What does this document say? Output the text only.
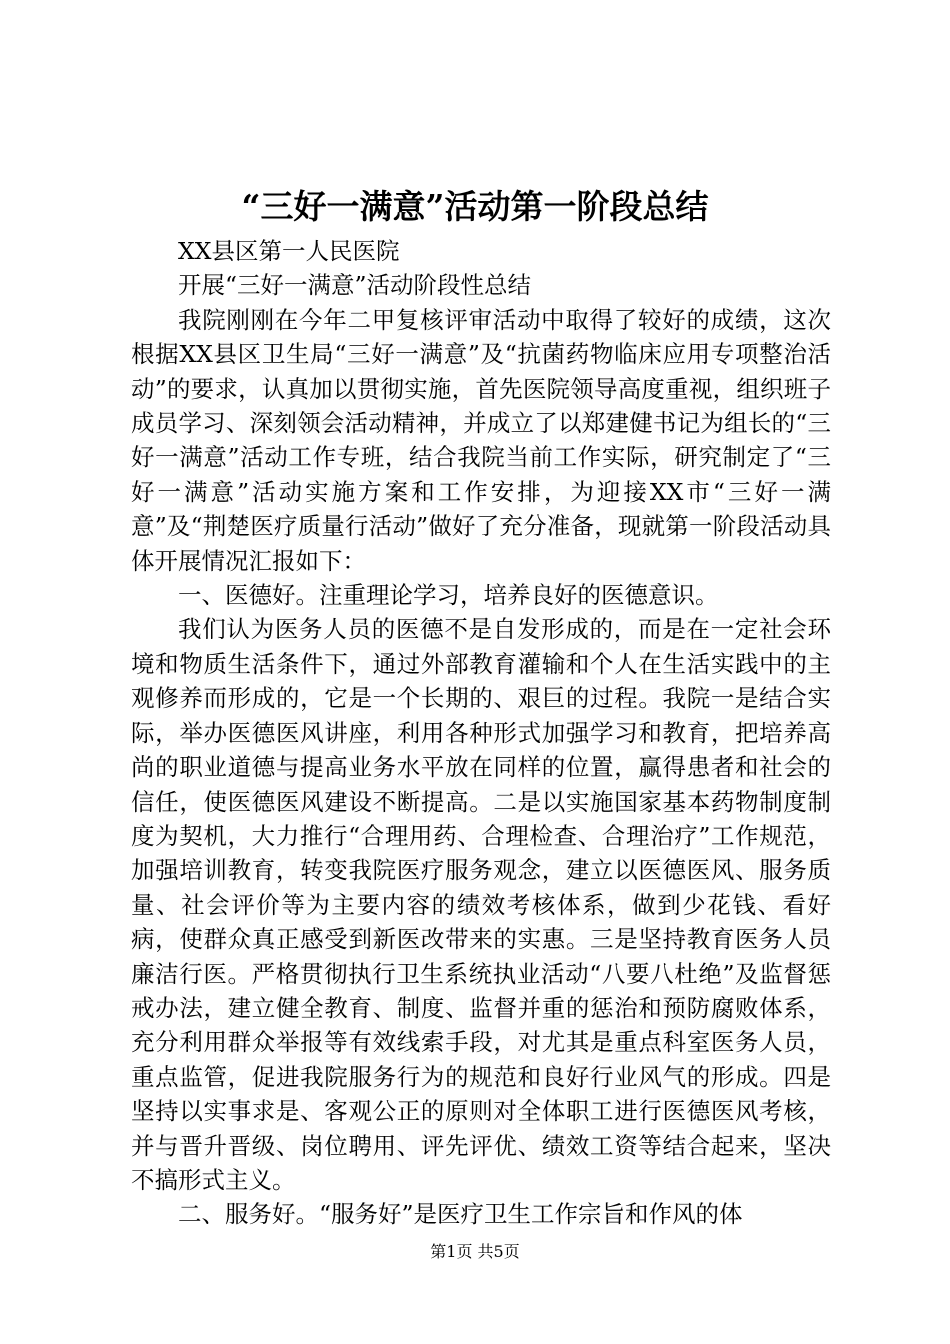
“三好一满意”活动第一阶段总结

XX县区第一人民医院

开展“三好一满意”活动阶段性总结

我院刚刚在今年二甲复核评审活动中取得了较好的成绩，这次根据XX县区卫生局“三好一满意”及“抗菌药物临床应用专项整治活动”的要求，认真加以贯彻实施，首先医院领导高度重视，组织班子成员学习、深刻领会活动精神，并成立了以郑建健书记为组长的“三好一满意”活动工作专班，结合我院当前工作实际，研究制定了“三好一满意”活动实施方案和工作安排，为迎接XX市“三好一满意”及“荆楚医疗质量行活动”做好了充分准备，现就第一阶段活动具体开展情况汇报如下：

一、医德好。注重理论学习，培养良好的医德意识。

我们认为医务人员的医德不是自发形成的，而是在一定社会环境和物质生活条件下，通过外部教育灌输和个人在生活实践中的主观修养而形成的，它是一个长期的、艰巨的过程。我院一是结合实际，举办医德医风讲座，利用各种形式加强学习和教育，把培养高尚的职业道德与提高业务水平放在同样的位置，赢得患者和社会的信任，使医德医风建设不断提高。二是以实施国家基本药物制度制度为契机，大力推行“合理用药、合理检查、合理治疗”工作规范，加强培训教育，转变我院医疗服务观念，建立以医德医风、服务质量、社会评价等为主要内容的绩效考核体系，做到少花钱、看好病，使群众真正感受到新医改带来的实惠。三是坚持教育医务人员廉洁行医。严格贯彻执行卫生系统执业活动“八要八杜绝”及监督惩戒办法，建立健全教育、制度、监督并重的惩治和预防腐败体系，充分利用群众举报等有效线索手段，对尤其是重点科室医务人员，重点监管，促进我院服务行为的规范和良好行业风气的形成。四是坚持以实事求是、客观公正的原则对全体职工进行医德医风考核，并与晋升晋级、岗位聘用、评先评优、绩效工资等结合起来，坚决不搞形式主义。

二、服务好。“服务好”是医疗卫生工作宗旨和作风的体

第1页 共5页
